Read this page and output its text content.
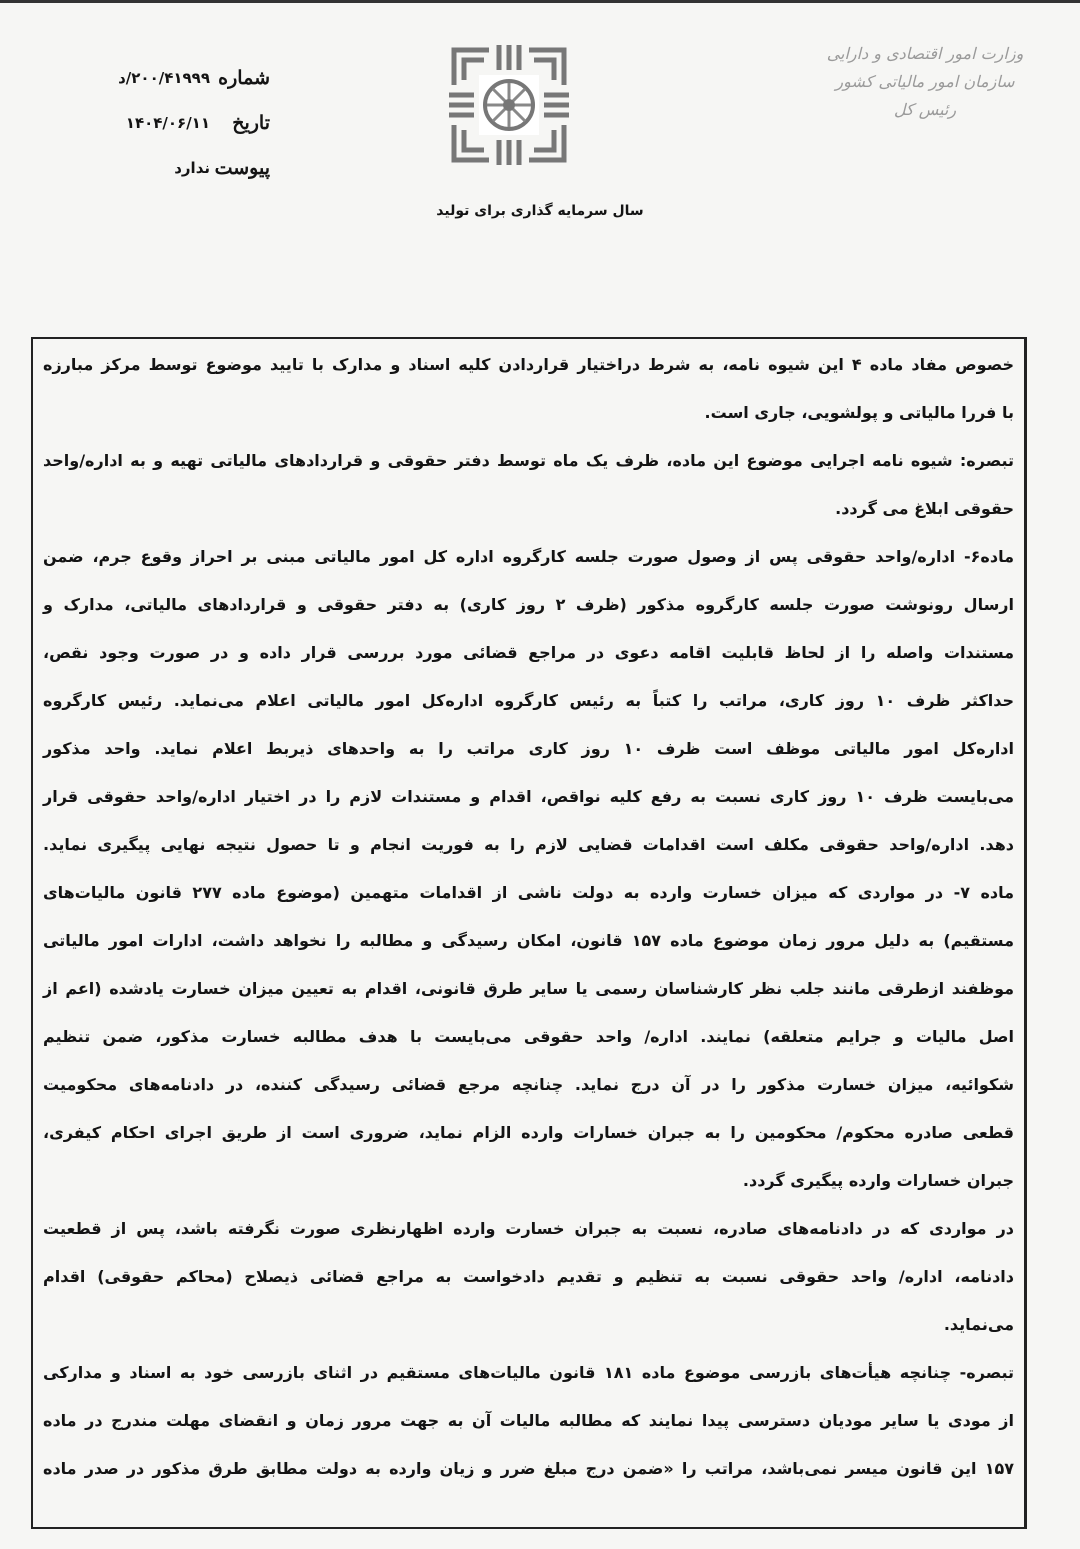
وزارت امور اقتصادی و دارایی
سازمان امور مالیاتی کشور
رئیس کل
شماره
د/۲۰۰/۴۱۹۹۹
تاریخ
۱۴۰۴/۰۶/۱۱
پیوست
ندارد
سال سرمایه گذاری برای تولید
خصوص مفاد ماده ۴ این شیوه نامه، به شرط دراختیار قراردادن کلیه اسناد و مدارک با تایید موضوع توسط مرکز مبارزه
با فررا مالیاتی و پولشویی، جاری است.
تبصره: شیوه نامه اجرایی موضوع این ماده، ظرف یک ماه توسط دفتر حقوقی و قراردادهای مالیاتی تهیه و به اداره/واحد
حقوقی ابلاغ می گردد.
ماده۶- اداره/واحد حقوقی پس از وصول صورت جلسه کارگروه اداره کل امور مالیاتی مبنی بر احراز وقوع جرم، ضمن
ارسال رونوشت صورت جلسه کارگروه مذکور (ظرف ۲ روز کاری) به دفتر حقوقی و قراردادهای مالیاتی، مدارک و
مستندات واصله را از لحاظ قابلیت اقامه دعوی در مراجع قضائی مورد بررسی قرار داده و در صورت وجود نقص،
حداکثر ظرف ۱۰ روز کاری، مراتب را کتباً به رئیس کارگروه اداره‌کل امور مالیاتی اعلام می‌نماید. رئیس کارگروه
اداره‌کل امور مالیاتی موظف است ظرف ۱۰ روز کاری مراتب را به واحدهای ذیربط اعلام نماید. واحد مذکور
می‌بایست ظرف ۱۰ روز کاری نسبت به رفع کلیه نواقص، اقدام و مستندات لازم را در اختیار اداره/واحد حقوقی قرار
دهد. اداره/واحد حقوقی مکلف است اقدامات قضایی لازم را به فوریت انجام و تا حصول نتیجه نهایی پیگیری نماید.
ماده ۷- در مواردی که میزان خسارت وارده به دولت ناشی از اقدامات متهمین (موضوع ماده ۲۷۷ قانون مالیات‌های
مستقیم) به دلیل مرور زمان موضوع ماده ۱۵۷ قانون، امکان رسیدگی و مطالبه را نخواهد داشت، ادارات امور مالیاتی
موظفند ازطرقی مانند جلب نظر کارشناسان رسمی یا سایر طرق قانونی، اقدام به تعیین میزان خسارت یادشده (اعم از
اصل مالیات و جرایم متعلقه) نمایند. اداره/ واحد حقوقی می‌بایست با هدف مطالبه خسارت مذکور، ضمن تنظیم
شکوائیه، میزان خسارت مذکور را در آن درج نماید. چنانچه مرجع قضائی رسیدگی کننده، در دادنامه‌های محکومیت
قطعی صادره محکوم/ محکومین را به جبران خسارات وارده الزام نماید، ضروری است از طریق اجرای احکام کیفری،
جبران خسارات وارده پیگیری گردد.
در مواردی که در دادنامه‌های صادره، نسبت به جبران خسارت وارده اظهارنظری صورت نگرفته باشد، پس از قطعیت
دادنامه، اداره/ واحد حقوقی نسبت به تنظیم و تقدیم دادخواست به مراجع قضائی ذیصلاح (محاکم حقوقی) اقدام
می‌نماید.
تبصره- چنانچه هیأت‌های بازرسی موضوع ماده ۱۸۱ قانون مالیات‌های مستقیم در اثنای بازرسی خود به اسناد و مدارکی
از مودی یا سایر مودیان دسترسی پیدا نمایند که مطالبه مالیات آن به جهت مرور زمان و انقضای مهلت مندرج در ماده
۱۵۷ این قانون میسر نمی‌باشد، مراتب را «ضمن درج مبلغ ضرر و زیان وارده به دولت مطابق طرق مذکور در صدر ماده
